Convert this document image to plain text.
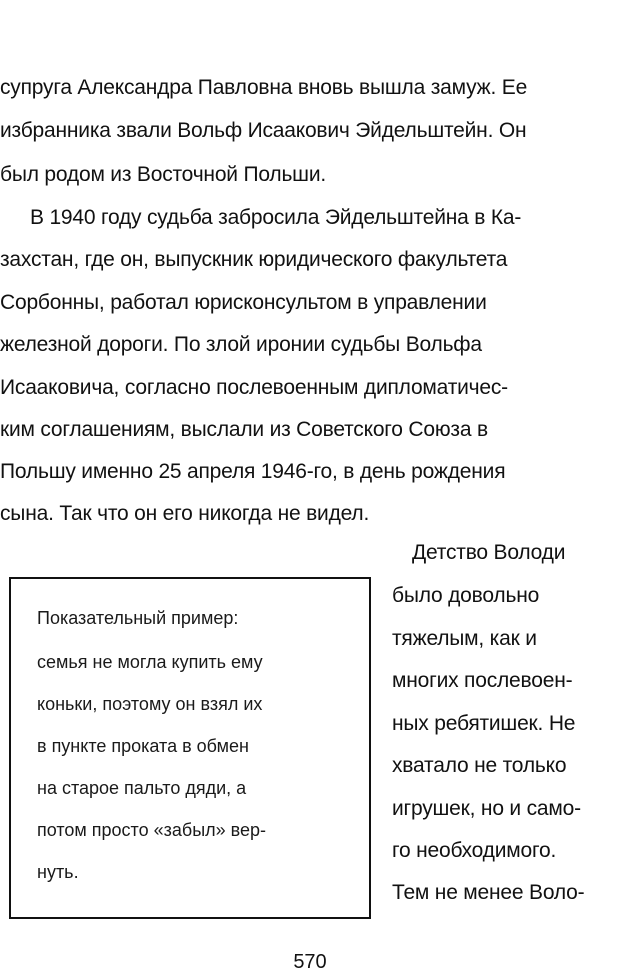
супруга Александра Павловна вновь вышла замуж. Ее
избранника звали Вольф Исаакович Эйдельштейн. Он
был родом из Восточной Польши.
В 1940 году судьба забросила Эйдельштейна в Ка-
захстан, где он, выпускник юридического факультета
Сорбонны, работал юрисконсультом в управлении
железной дороги. По злой иронии судьбы Вольфа
Исааковича, согласно послевоенным дипломатичес-
ким соглашениям, выслали из Советского Союза в
Польшу именно 25 апреля 1946-го, в день рождения
сына. Так что он его никогда не видел.
Детство Володи
было довольно
тяжелым, как и
многих послевоен-
ных ребятишек. Не
хватало не только
игрушек, но и само-
го необходимого.
Тем не менее Воло-
Показательный пример:
семья не могла купить ему
коньки, поэтому он взял их
в пункте проката в обмен
на старое пальто дяди, а
потом просто «забыл» вер-
нуть.
570
